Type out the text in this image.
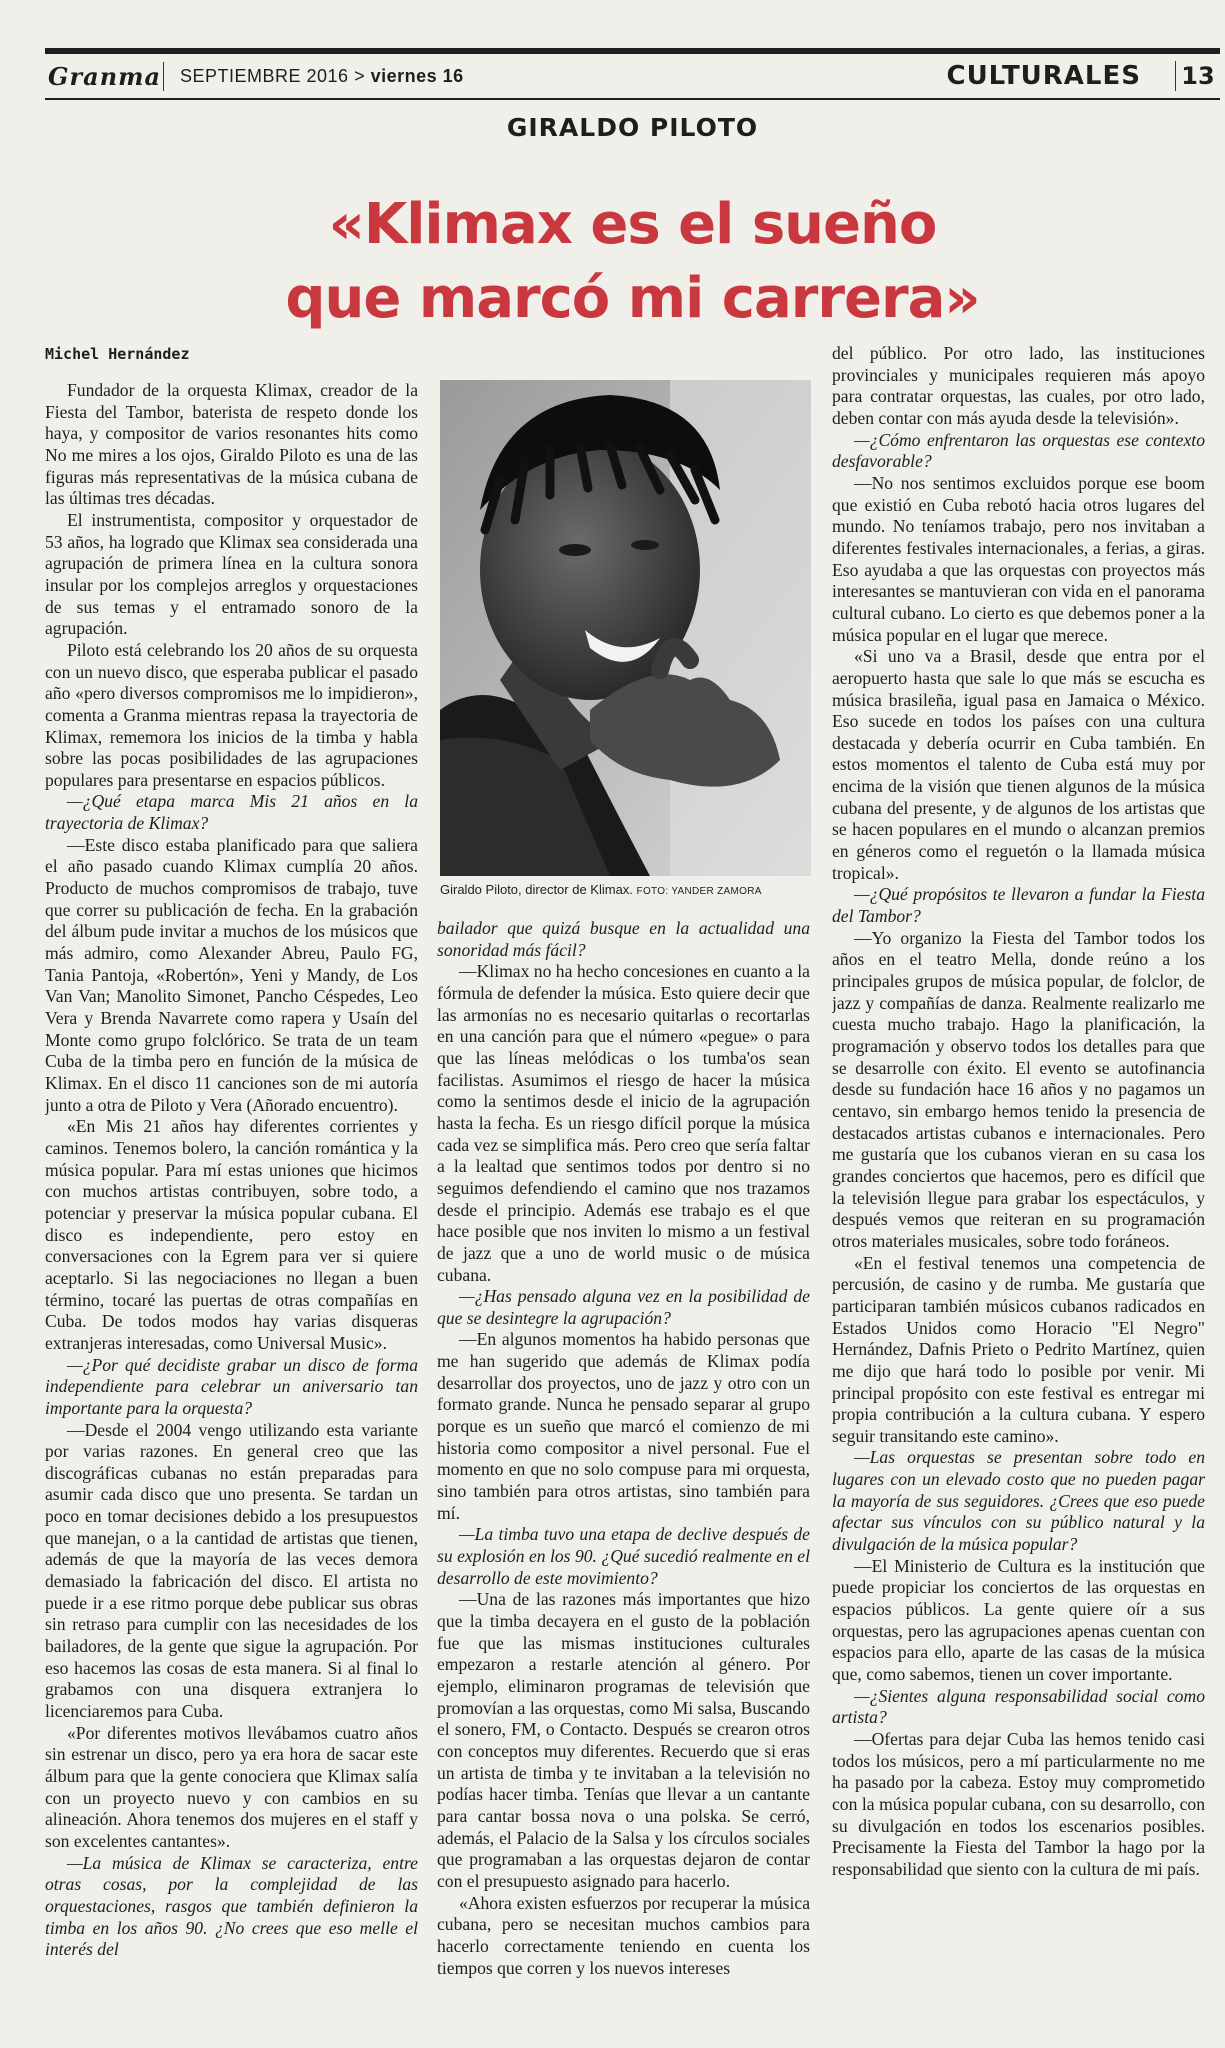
Granma	SEPTIEMBRE 2016 > viernes 16	CULTURALES	13
GIRALDO PILOTO
«Klimax es el sueño
que marcó mi carrera»
Michel Hernández
Giraldo Piloto, director de Klimax. FOTO: YANDER ZAMORA

Fundador de la orquesta Klimax, creador de la Fiesta del Tambor, baterista de respeto donde los haya, y compositor de varios resonantes hits como No me mires a los ojos, Giraldo Piloto es una de las figuras más representativas de la música cubana de las últimas tres décadas.

El instrumentista, compositor y orquestador de 53 años, ha logrado que Klimax sea considerada una agrupación de primera línea en la cultura sonora insular por los complejos arreglos y orquestaciones de sus temas y el entramado sonoro de la agrupación.

Piloto está celebrando los 20 años de su orquesta con un nuevo disco, que esperaba publicar el pasado año «pero diversos compromisos me lo impidieron», comenta a Granma mientras repasa la trayectoria de Klimax, rememora los inicios de la timba y habla sobre las pocas posibilidades de las agrupaciones populares para presentarse en espacios públicos.

—¿Qué etapa marca Mis 21 años en la trayectoria de Klimax?

—Este disco estaba planificado para que saliera el año pasado cuando Klimax cumplía 20 años. Producto de muchos compromisos de trabajo, tuve que correr su publicación de fecha. En la grabación del álbum pude invitar a muchos de los músicos que más admiro, como Alexander Abreu, Paulo FG, Tania Pantoja, «Robertón», Yeni y Mandy, de Los Van Van; Manolito Simonet, Pancho Céspedes, Leo Vera y Brenda Navarrete como rapera y Usaín del Monte como grupo folclórico. Se trata de un team Cuba de la timba pero en función de la música de Klimax. En el disco 11 canciones son de mi autoría junto a otra de Piloto y Vera (Añorado encuentro).

«En Mis 21 años hay diferentes corrientes y caminos. Tenemos bolero, la canción romántica y la música popular. Para mí estas uniones que hicimos con muchos artistas contribuyen, sobre todo, a potenciar y preservar la música popular cubana. El disco es independiente, pero estoy en conversaciones con la Egrem para ver si quiere aceptarlo. Si las negociaciones no llegan a buen término, tocaré las puertas de otras compañías en Cuba. De todos modos hay varias disqueras extranjeras interesadas, como Universal Music».

—¿Por qué decidiste grabar un disco de forma independiente para celebrar un aniversario tan importante para la orquesta?

—Desde el 2004 vengo utilizando esta variante por varias razones. En general creo que las discográficas cubanas no están preparadas para asumir cada disco que uno presenta. Se tardan un poco en tomar decisiones debido a los presupuestos que manejan, o a la cantidad de artistas que tienen, además de que la mayoría de las veces demora demasiado la fabricación del disco. El artista no puede ir a ese ritmo porque debe publicar sus obras sin retraso para cumplir con las necesidades de los bailadores, de la gente que sigue la agrupación. Por eso hacemos las cosas de esta manera. Si al final lo grabamos con una disquera extranjera lo licenciaremos para Cuba.

«Por diferentes motivos llevábamos cuatro años sin estrenar un disco, pero ya era hora de sacar este álbum para que la gente conociera que Klimax salía con un proyecto nuevo y con cambios en su alineación. Ahora tenemos dos mujeres en el staff y son excelentes cantantes».

—La música de Klimax se caracteriza, entre otras cosas, por la complejidad de las orquestaciones, rasgos que también definieron la timba en los años 90. ¿No crees que eso melle el interés del

bailador que quizá busque en la actualidad una sonoridad más fácil?

—Klimax no ha hecho concesiones en cuanto a la fórmula de defender la música. Esto quiere decir que las armonías no es necesario quitarlas o recortarlas en una canción para que el número «pegue» o para que las líneas melódicas o los tumba'os sean facilistas. Asumimos el riesgo de hacer la música como la sentimos desde el inicio de la agrupación hasta la fecha. Es un riesgo difícil porque la música cada vez se simplifica más. Pero creo que sería faltar a la lealtad que sentimos todos por dentro si no seguimos defendiendo el camino que nos trazamos desde el principio. Además ese trabajo es el que hace posible que nos inviten lo mismo a un festival de jazz que a uno de world music o de música cubana.

—¿Has pensado alguna vez en la posibilidad de que se desintegre la agrupación?

—En algunos momentos ha habido personas que me han sugerido que además de Klimax podía desarrollar dos proyectos, uno de jazz y otro con un formato grande. Nunca he pensado separar al grupo porque es un sueño que marcó el comienzo de mi historia como compositor a nivel personal. Fue el momento en que no solo compuse para mi orquesta, sino también para otros artistas, sino también para mí.

—La timba tuvo una etapa de declive después de su explosión en los 90. ¿Qué sucedió realmente en el desarrollo de este movimiento?

—Una de las razones más importantes que hizo que la timba decayera en el gusto de la población fue que las mismas instituciones culturales empezaron a restarle atención al género. Por ejemplo, eliminaron programas de televisión que promovían a las orquestas, como Mi salsa, Buscando el sonero, FM, o Contacto. Después se crearon otros con conceptos muy diferentes. Recuerdo que si eras un artista de timba y te invitaban a la televisión no podías hacer timba. Tenías que llevar a un cantante para cantar bossa nova o una polska. Se cerró, además, el Palacio de la Salsa y los círculos sociales que programaban a las orquestas dejaron de contar con el presupuesto asignado para hacerlo.

«Ahora existen esfuerzos por recuperar la música cubana, pero se necesitan muchos cambios para hacerlo correctamente teniendo en cuenta los tiempos que corren y los nuevos intereses

del público. Por otro lado, las instituciones provinciales y municipales requieren más apoyo para contratar orquestas, las cuales, por otro lado, deben contar con más ayuda desde la televisión».

—¿Cómo enfrentaron las orquestas ese contexto desfavorable?

—No nos sentimos excluidos porque ese boom que existió en Cuba rebotó hacia otros lugares del mundo. No teníamos trabajo, pero nos invitaban a diferentes festivales internacionales, a ferias, a giras. Eso ayudaba a que las orquestas con proyectos más interesantes se mantuvieran con vida en el panorama cultural cubano. Lo cierto es que debemos poner a la música popular en el lugar que merece.

«Si uno va a Brasil, desde que entra por el aeropuerto hasta que sale lo que más se escucha es música brasileña, igual pasa en Jamaica o México. Eso sucede en todos los países con una cultura destacada y debería ocurrir en Cuba también. En estos momentos el talento de Cuba está muy por encima de la visión que tienen algunos de la música cubana del presente, y de algunos de los artistas que se hacen populares en el mundo o alcanzan premios en géneros como el reguetón o la llamada música tropical».

—¿Qué propósitos te llevaron a fundar la Fiesta del Tambor?

—Yo organizo la Fiesta del Tambor todos los años en el teatro Mella, donde reúno a los principales grupos de música popular, de folclor, de jazz y compañías de danza. Realmente realizarlo me cuesta mucho trabajo. Hago la planificación, la programación y observo todos los detalles para que se desarrolle con éxito. El evento se autofinancia desde su fundación hace 16 años y no pagamos un centavo, sin embargo hemos tenido la presencia de destacados artistas cubanos e internacionales. Pero me gustaría que los cubanos vieran en su casa los grandes conciertos que hacemos, pero es difícil que la televisión llegue para grabar los espectáculos, y después vemos que reiteran en su programación otros materiales musicales, sobre todo foráneos.

«En el festival tenemos una competencia de percusión, de casino y de rumba. Me gustaría que participaran también músicos cubanos radicados en Estados Unidos como Horacio "El Negro" Hernández, Dafnis Prieto o Pedrito Martínez, quien me dijo que hará todo lo posible por venir. Mi principal propósito con este festival es entregar mi propia contribución a la cultura cubana. Y espero seguir transitando este camino».

—Las orquestas se presentan sobre todo en lugares con un elevado costo que no pueden pagar la mayoría de sus seguidores. ¿Crees que eso puede afectar sus vínculos con su público natural y la divulgación de la música popular?

—El Ministerio de Cultura es la institución que puede propiciar los conciertos de las orquestas en espacios públicos. La gente quiere oír a sus orquestas, pero las agrupaciones apenas cuentan con espacios para ello, aparte de las casas de la música que, como sabemos, tienen un cover importante.

—¿Sientes alguna responsabilidad social como artista?

—Ofertas para dejar Cuba las hemos tenido casi todos los músicos, pero a mí particularmente no me ha pasado por la cabeza. Estoy muy comprometido con la música popular cubana, con su desarrollo, con su divulgación en todos los escenarios posibles. Precisamente la Fiesta del Tambor la hago por la responsabilidad que siento con la cultura de mi país.
